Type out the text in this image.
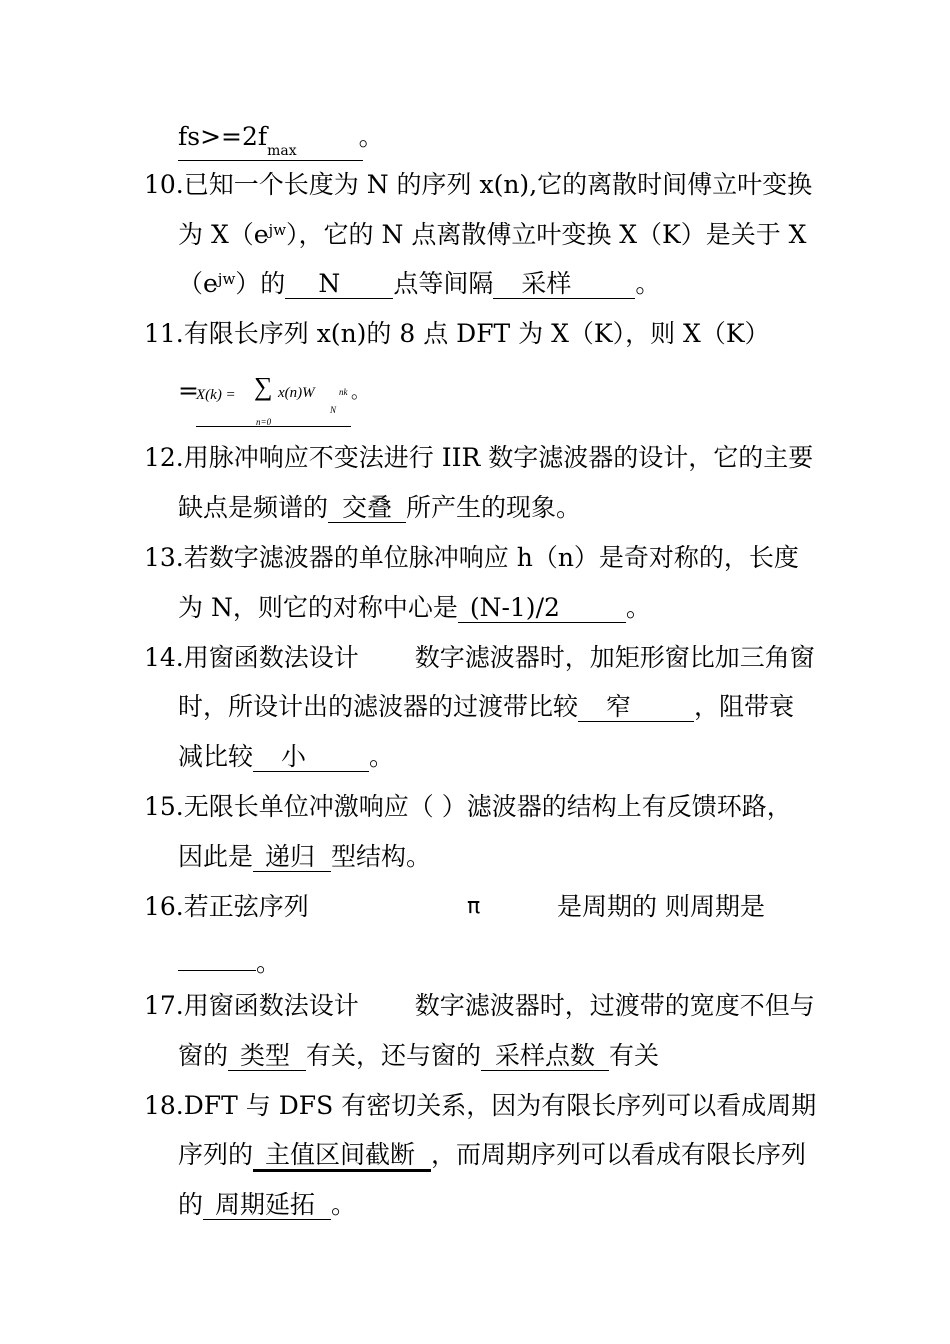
$fs>=2f_{max}$ 。
10.已知一个长度为 N 的序列 x(n),它的离散时间傅立叶变换
为 $X(e^{jw})$，它的 N 点离散傅立叶变换 X（K）是关于 X
$(e^{jw})$的 N 点等间隔 采样	。
11.有限长序列 x(n)的 8 点 DFT 为 X（K），则 X（K）
=
X(k) = ∑ x(n)W	nk
N
n=0
。
12.用脉冲响应不变法进行 IIR 数字滤波器的设计，它的主要
缺点是频谱的 交叠 所产生的现象。
13.若数字滤波器的单位脉冲响应 h（n）是奇对称的，长度
为 N，则它的对称中心是 (N-1)/2	。
14.用窗函数法设计 数字滤波器时，加矩形窗比加三角窗
时，所设计出的滤波器的过渡带比较 窄	，阻带衰
减比较 小	。
15.无限长单位冲激响应（ ）滤波器的结构上有反馈环路，
因此是 递归 型结构。
16.若正弦序列	π	是周期的 则周期是
。
17.用窗函数法设计 数字滤波器时，过渡带的宽度不但与
窗的 类型 有关，还与窗的 采样点数 有关
18.DFT 与 DFS 有密切关系，因为有限长序列可以看成周期
序列的 主值区间截断 ，而周期序列可以看成有限长序列
的 周期延拓 。
